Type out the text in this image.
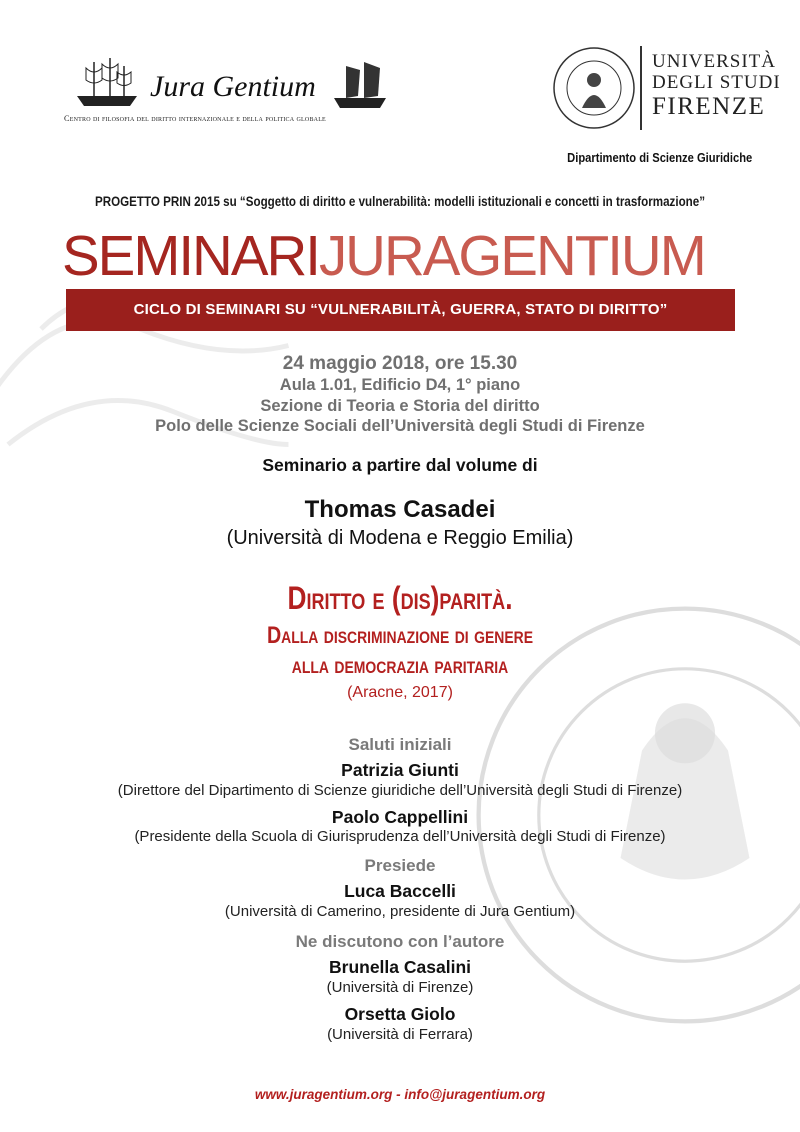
Jura Gentium
Centro di filosofia del diritto internazionale e della politica globale
UNIVERSITÀ
DEGLI STUDI
FIRENZE
Dipartimento di Scienze Giuridiche
PROGETTO PRIN 2015 su “Soggetto di diritto e vulnerabilità: modelli istituzionali e concetti in trasformazione”
SEMINARIJURAGENTIUM
CICLO DI SEMINARI SU “VULNERABILITÀ, GUERRA, STATO DI DIRITTO”
24 maggio 2018, ore 15.30
Aula 1.01, Edificio D4, 1° piano
Sezione di Teoria e Storia del diritto
Polo delle Scienze Sociali dell’Università degli Studi di Firenze
Seminario a partire dal volume di
Thomas Casadei
(Università di Modena e Reggio Emilia)
Diritto e (dis)parità.
Dalla discriminazione di genere
alla democrazia paritaria
(Aracne, 2017)
Saluti iniziali
Patrizia Giunti
(Direttore del Dipartimento di Scienze giuridiche dell’Università degli Studi di Firenze)
Paolo Cappellini
(Presidente della Scuola di Giurisprudenza dell’Università degli Studi di Firenze)
Presiede
Luca Baccelli
(Università di Camerino, presidente di Jura Gentium)
Ne discutono con l’autore
Brunella Casalini
(Università di Firenze)
Orsetta Giolo
(Università di Ferrara)
www.juragentium.org - info@juragentium.org
